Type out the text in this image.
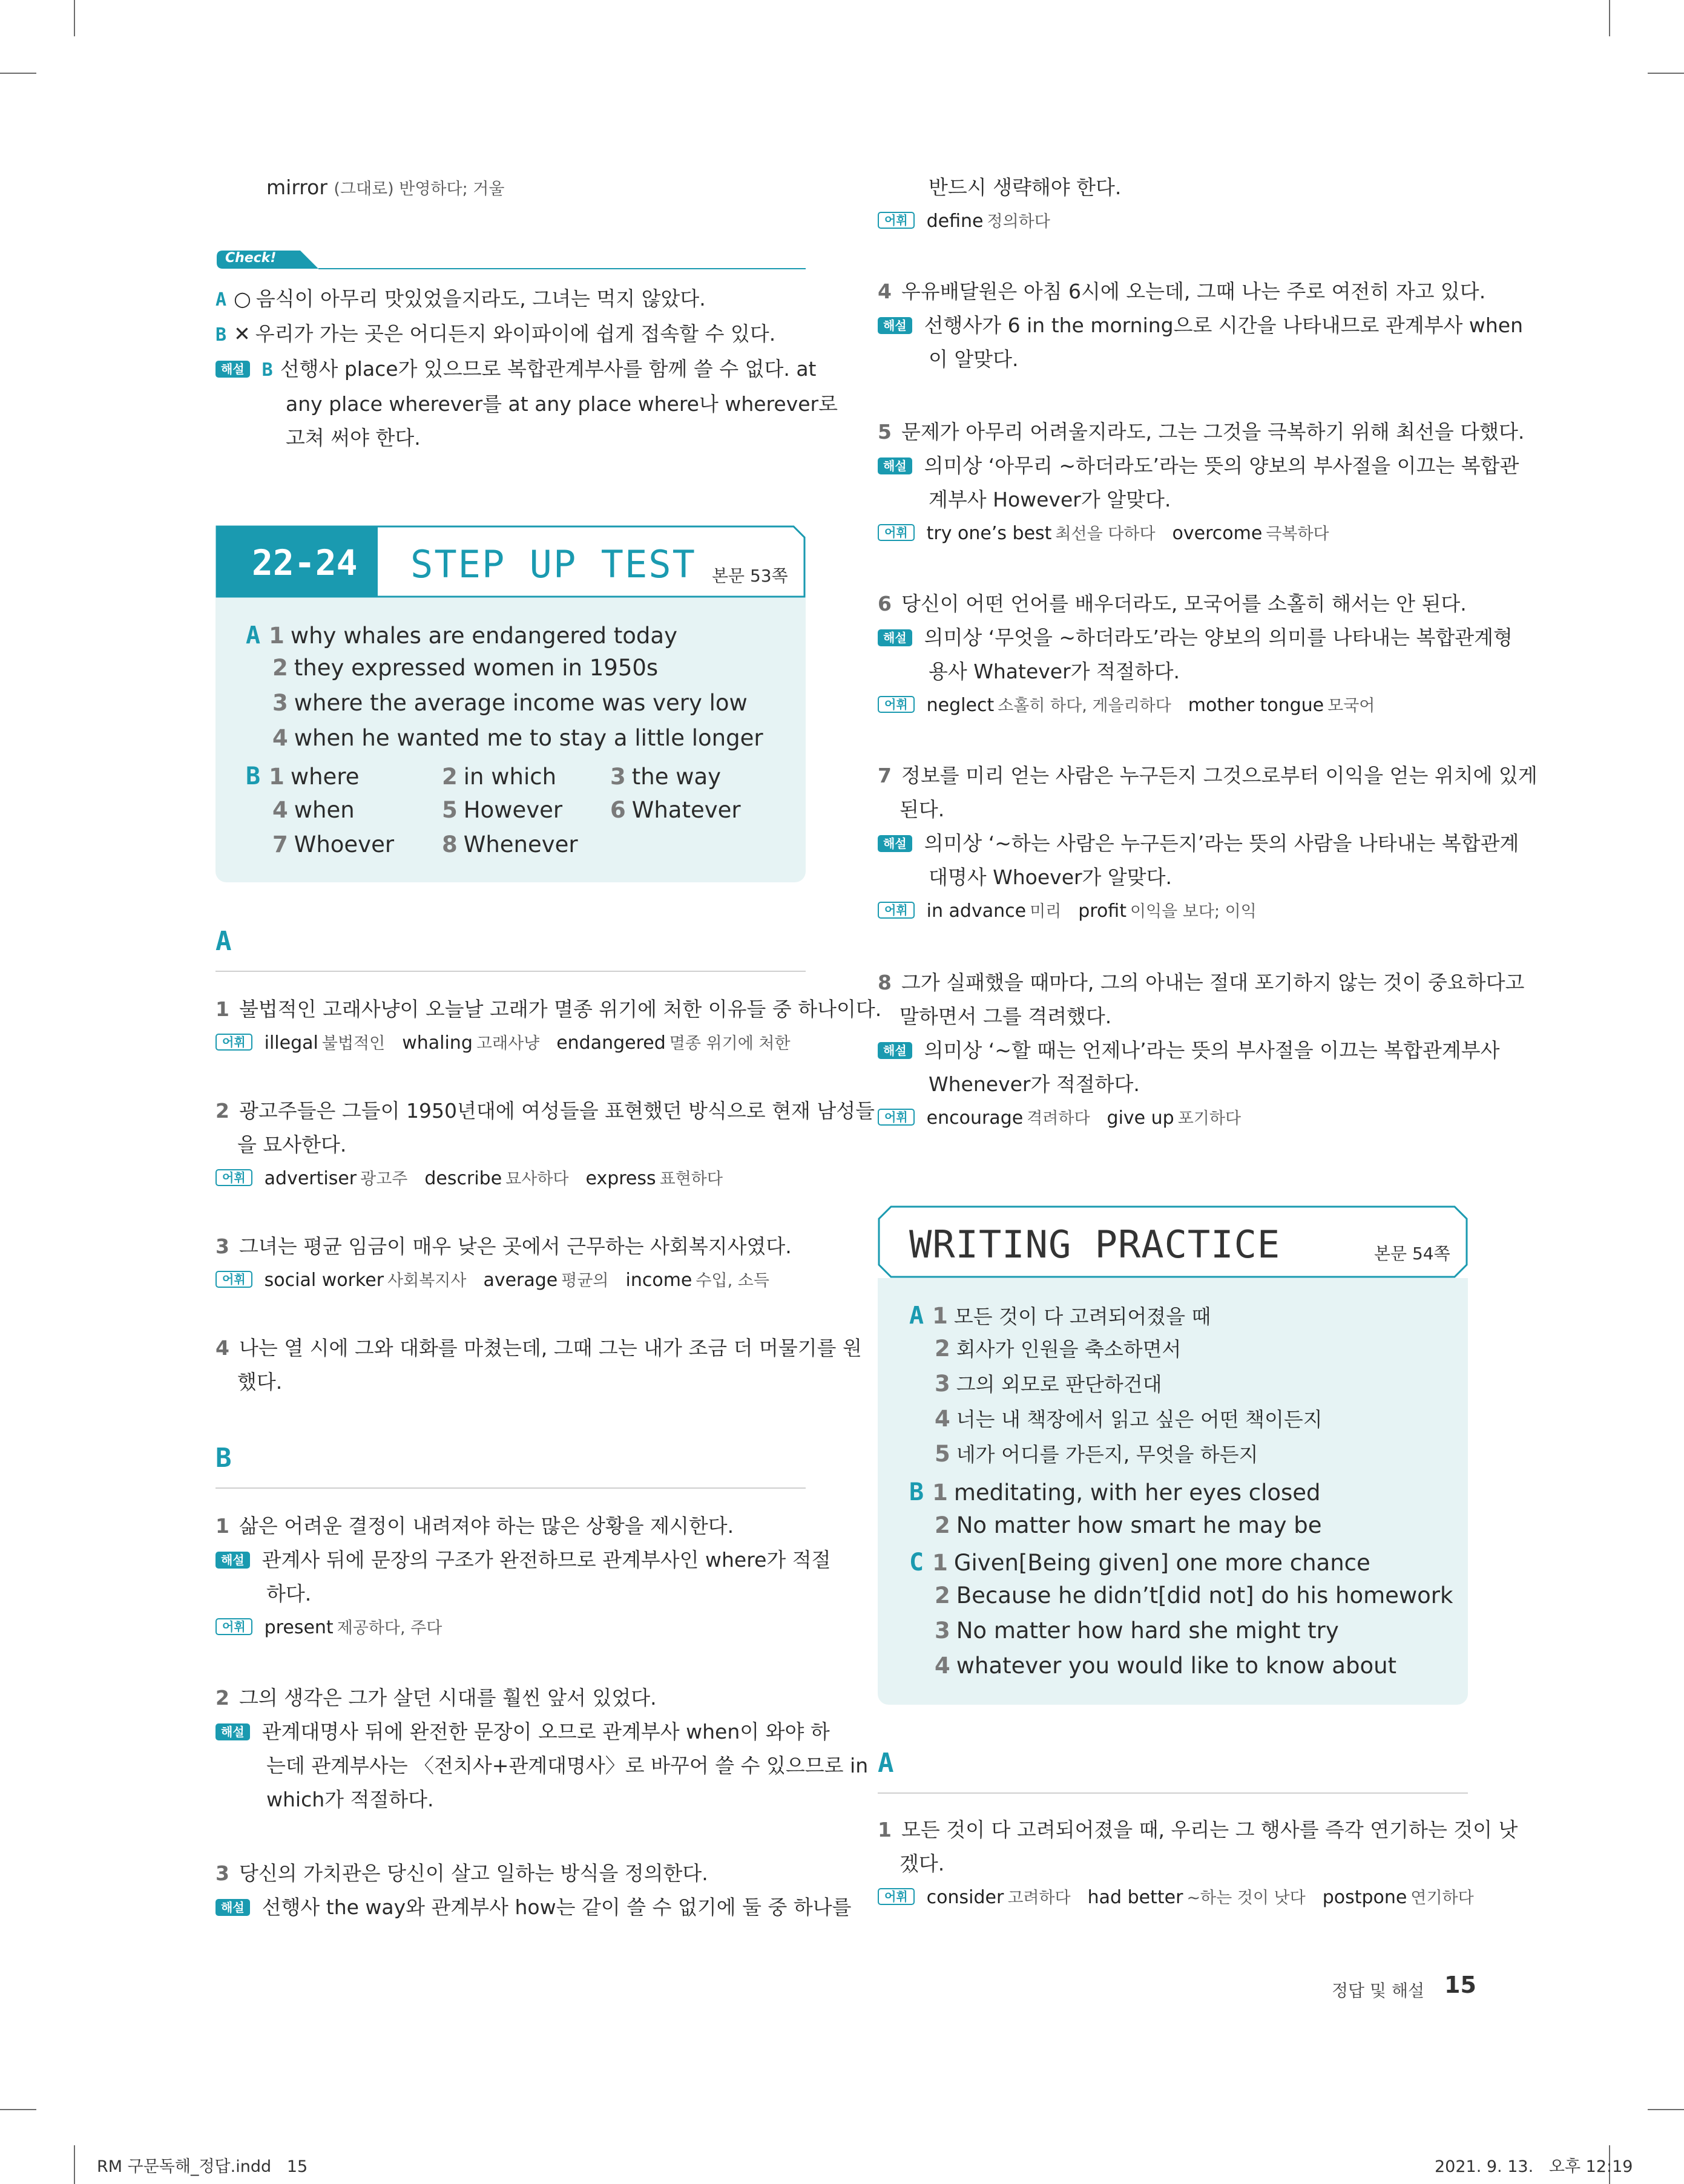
mirror (그대로) 반영하다; 거울
Check!
A ○ 음식이 아무리 맛있었을지라도, 그녀는 먹지 않았다.
B ✕ 우리가 가는 곳은 어디든지 와이파이에 쉽게 접속할 수 있다.
해설 B 선행사 place가 있으므로 복합관계부사를 함께 쓸 수 없다. at
any place wherever를 at any place where나 wherever로
고쳐 써야 한다.
22-24 STEP UP TEST 본문 53쪽
A 1 why whales are endangered today
2 they expressed women in 1950s
3 where the average income was very low
4 when he wanted me to stay a little longer
B 1 where	2 in which 3 the way
4 when	5 However 6 Whatever
7 Whoever 8 Whenever
A
1 불법적인 고래사냥이 오늘날 고래가 멸종 위기에 처한 이유들 중 하나이다.
어휘 illegal 불법적인 whaling 고래사냥 endangered 멸종 위기에 처한
2 광고주들은 그들이 1950년대에 여성들을 표현했던 방식으로 현재 남성들
을 묘사한다.
어휘 advertiser 광고주 describe 묘사하다 express 표현하다
3 그녀는 평균 임금이 매우 낮은 곳에서 근무하는 사회복지사였다.
어휘 social worker 사회복지사 average 평균의 income 수입, 소득
4 나는 열 시에 그와 대화를 마쳤는데, 그때 그는 내가 조금 더 머물기를 원
했다.
B
1 삶은 어려운 결정이 내려져야 하는 많은 상황을 제시한다.
해설 관계사 뒤에 문장의 구조가 완전하므로 관계부사인 where가 적절
하다.
어휘 present 제공하다, 주다
2 그의 생각은 그가 살던 시대를 훨씬 앞서 있었다.
해설 관계대명사 뒤에 완전한 문장이 오므로 관계부사 when이 와야 하
는데 관계부사는 〈전치사+관계대명사〉로 바꾸어 쓸 수 있으므로 in
which가 적절하다.
3 당신의 가치관은 당신이 살고 일하는 방식을 정의한다.
해설 선행사 the way와 관계부사 how는 같이 쓸 수 없기에 둘 중 하나를
반드시 생략해야 한다.
어휘 define 정의하다
4 우유배달원은 아침 6시에 오는데, 그때 나는 주로 여전히 자고 있다.
해설 선행사가 6 in the morning으로 시간을 나타내므로 관계부사 when
이 알맞다.
5 문제가 아무리 어려울지라도, 그는 그것을 극복하기 위해 최선을 다했다.
해설 의미상 ‘아무리 ~하더라도’라는 뜻의 양보의 부사절을 이끄는 복합관
계부사 However가 알맞다.
어휘 try one’s best 최선을 다하다 overcome 극복하다
6 당신이 어떤 언어를 배우더라도, 모국어를 소홀히 해서는 안 된다.
해설 의미상 ‘무엇을 ~하더라도’라는 양보의 의미를 나타내는 복합관계형
용사 Whatever가 적절하다.
어휘 neglect 소홀히 하다, 게을리하다 mother tongue 모국어
7 정보를 미리 얻는 사람은 누구든지 그것으로부터 이익을 얻는 위치에 있게
된다.
해설 의미상 ‘~하는 사람은 누구든지’라는 뜻의 사람을 나타내는 복합관계
대명사 Whoever가 알맞다.
어휘 in advance 미리 profit 이익을 보다; 이익
8 그가 실패했을 때마다, 그의 아내는 절대 포기하지 않는 것이 중요하다고
말하면서 그를 격려했다.
해설 의미상 ‘~할 때는 언제나’라는 뜻의 부사절을 이끄는 복합관계부사
Whenever가 적절하다.
어휘 encourage 격려하다 give up 포기하다
WRITING PRACTICE	본문 54쪽
A 1 모든 것이 다 고려되어졌을 때
2 회사가 인원을 축소하면서
3 그의 외모로 판단하건대
4 너는 내 책장에서 읽고 싶은 어떤 책이든지
5 네가 어디를 가든지, 무엇을 하든지
B 1 meditating, with her eyes closed
2 No matter how smart he may be
C 1 Given[Being given] one more chance
2 Because he didn’t[did not] do his homework
3 No matter how hard she might try
4 whatever you would like to know about
A
1 모든 것이 다 고려되어졌을 때, 우리는 그 행사를 즉각 연기하는 것이 낫
겠다.
어휘 consider 고려하다 had better ~하는 것이 낫다 postpone 연기하다
정답 및 해설 15
RM 구문독해_정답.indd   15	2021. 9. 13.   오후 12:19
